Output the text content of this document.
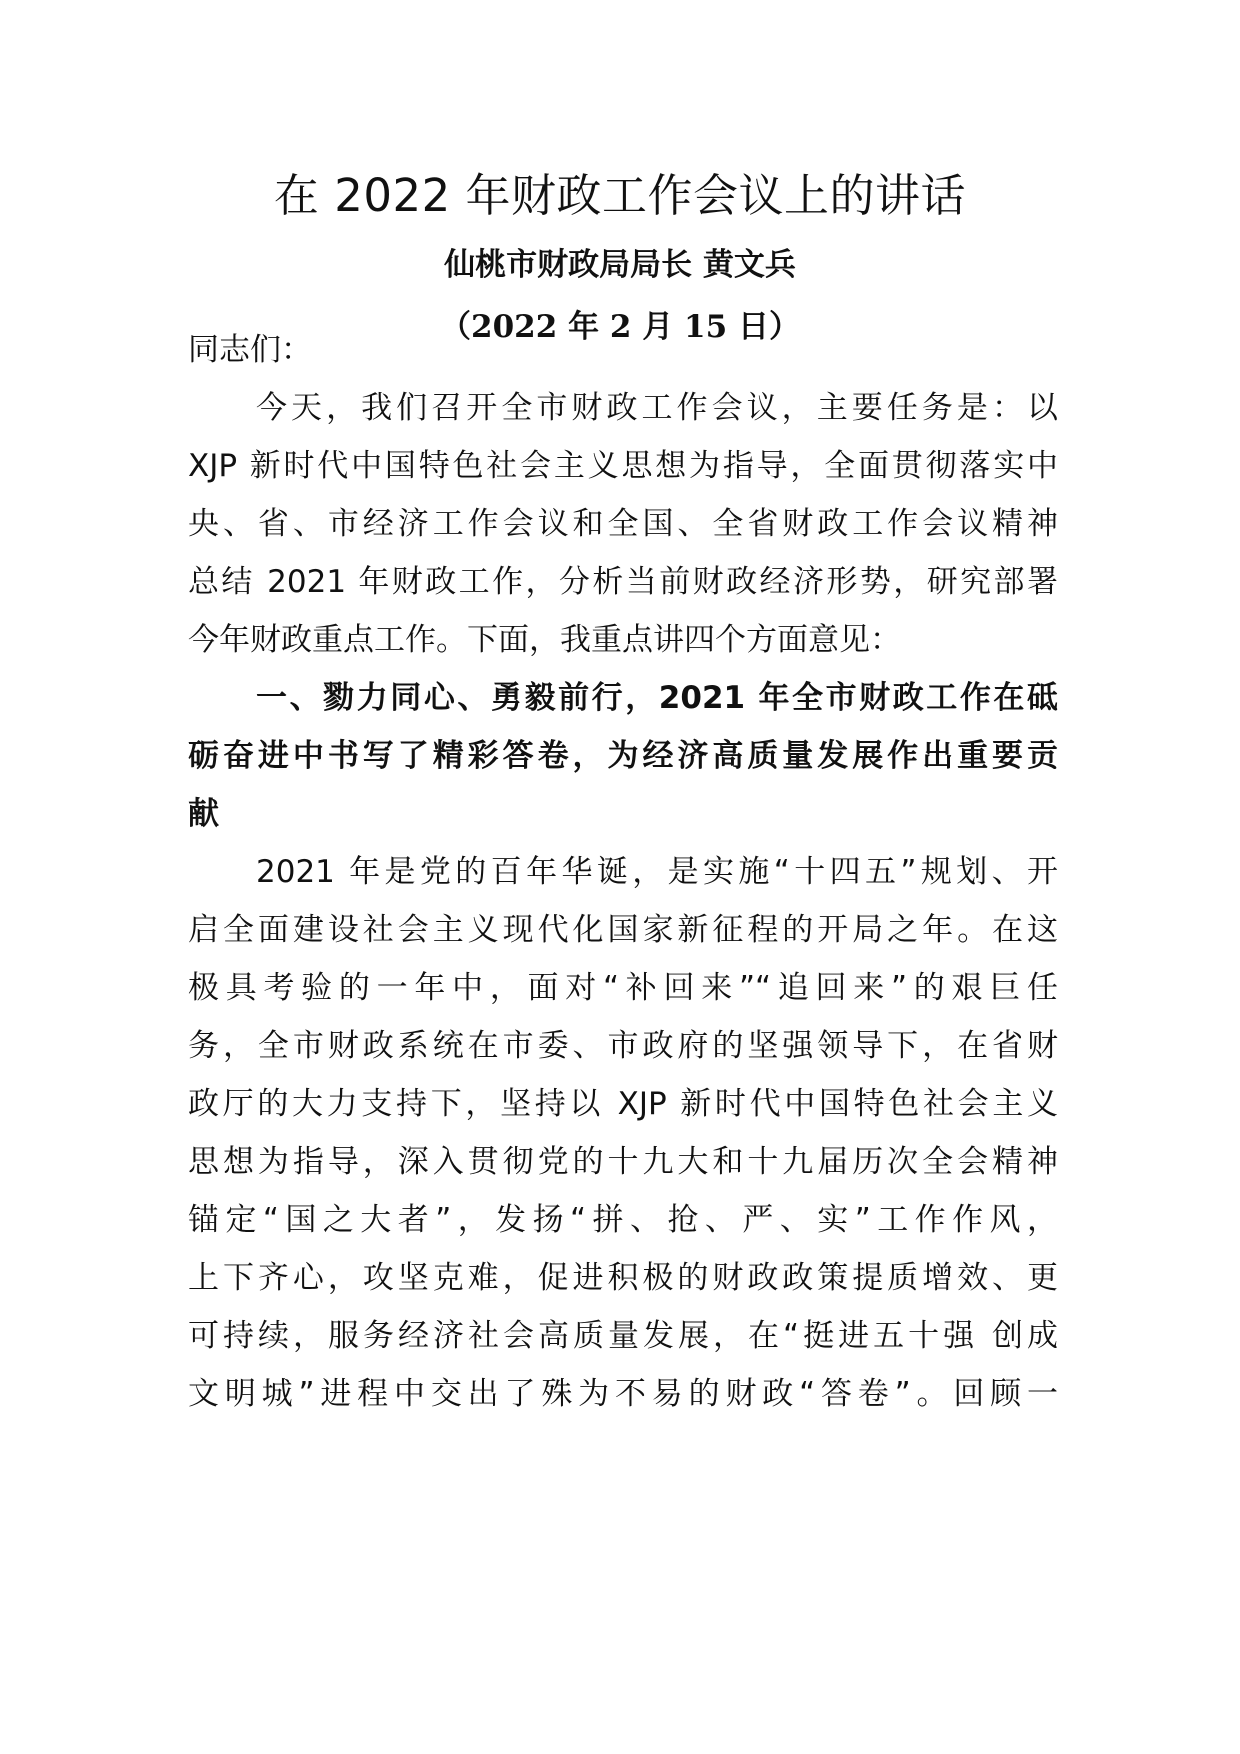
在 2022 年财政工作会议上的讲话
仙桃市财政局局长 黄文兵
（2022 年 2 月 15 日）
同志们：
今天，我们召开全市财政工作会议，主要任务是：以
XJP 新时代中国特色社会主义思想为指导，全面贯彻落实中
央、省、市经济工作会议和全国、全省财政工作会议精神
总结 2021 年财政工作，分析当前财政经济形势，研究部署
今年财政重点工作。下面，我重点讲四个方面意见：
一、勠力同心、勇毅前行，2021 年全市财政工作在砥
砺奋进中书写了精彩答卷，为经济高质量发展作出重要贡
献
2021 年是党的百年华诞，是实施“十四五”规划、开
启全面建设社会主义现代化国家新征程的开局之年。在这
极具考验的一年中，面对“补回来”“追回来”的艰巨任
务，全市财政系统在市委、市政府的坚强领导下，在省财
政厅的大力支持下，坚持以 XJP 新时代中国特色社会主义
思想为指导，深入贯彻党的十九大和十九届历次全会精神
锚定“国之大者”，发扬“拼、抢、严、实”工作作风，
上下齐心，攻坚克难，促进积极的财政政策提质增效、更
可持续，服务经济社会高质量发展，在“挺进五十强 创成
文明城”进程中交出了殊为不易的财政“答卷”。回顾一
